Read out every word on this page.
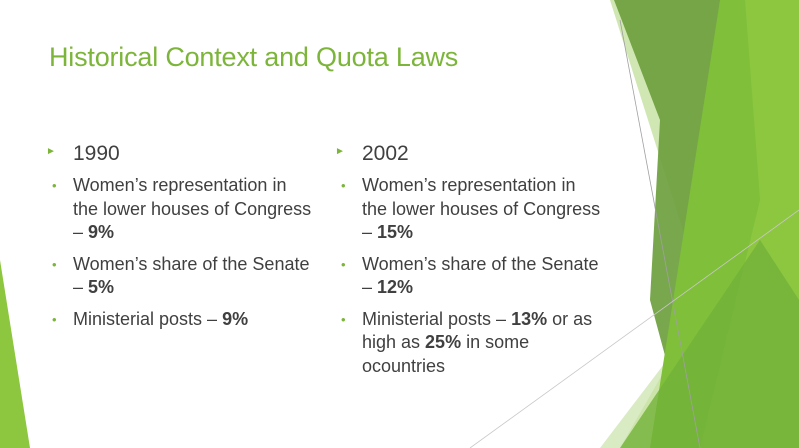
Historical Context and Quota Laws
► 1990
• Women’s representation in the lower houses of Congress – 9%
• Women’s share of the Senate – 5%
• Ministerial posts – 9%
► 2002
• Women’s representation in the lower houses of Congress – 15%
• Women’s share of the Senate – 12%
• Ministerial posts – 13% or as high as 25% in some ocountries
